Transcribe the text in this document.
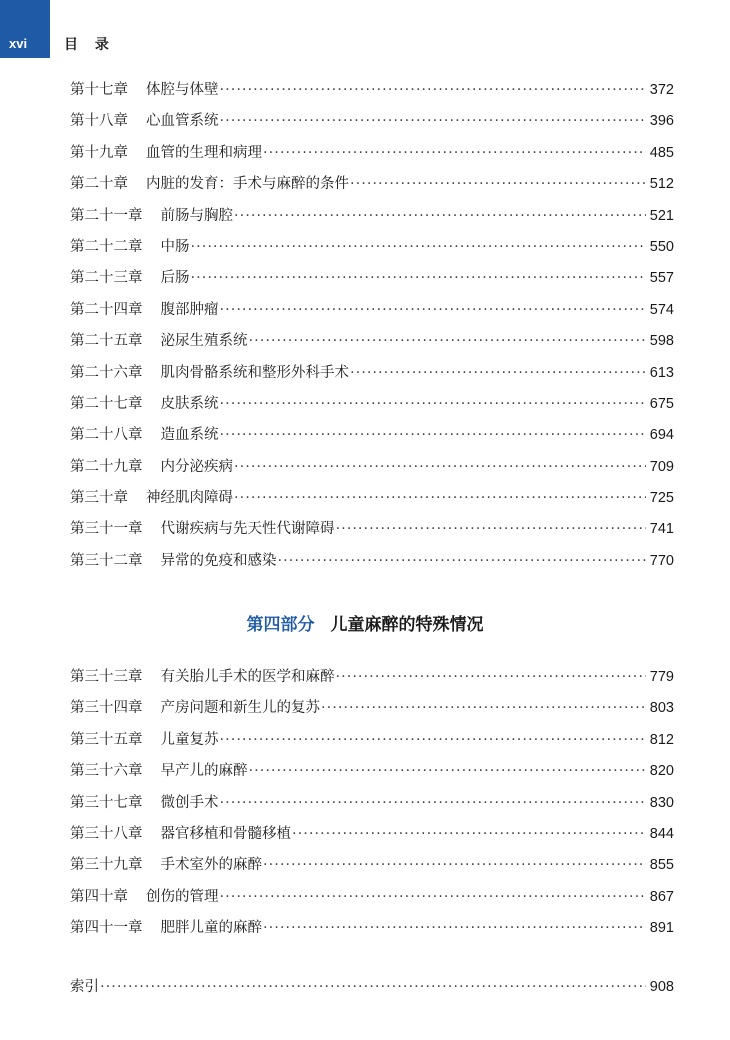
xvi	目 录
第十七章 体腔与体壁 ·····	372
第十八章 心血管系统 ·····	396
第十九章 血管的生理和病理 ·····	485
第二十章 内脏的发育：手术与麻醉的条件 ·····	512
第二十一章 前肠与胸腔 ·····	521
第二十二章 中肠 ·····	550
第二十三章 后肠 ·····	557
第二十四章 腹部肿瘤 ·····	574
第二十五章 泌尿生殖系统 ·····	598
第二十六章 肌肉骨骼系统和整形外科手术 ·····	613
第二十七章 皮肤系统 ·····	675
第二十八章 造血系统 ·····	694
第二十九章 内分泌疾病 ·····	709
第三十章 神经肌肉障碍 ·····	725
第三十一章 代谢疾病与先天性代谢障碍 ·····	741
第三十二章 异常的免疫和感染 ·····	770
第四部分 儿童麻醉的特殊情况
第三十三章 有关胎儿手术的医学和麻醉 ·····	779
第三十四章 产房问题和新生儿的复苏 ·····	803
第三十五章 儿童复苏 ·····	812
第三十六章 早产儿的麻醉 ·····	820
第三十七章 微创手术 ·····	830
第三十八章 器官移植和骨髓移植 ·····	844
第三十九章 手术室外的麻醉 ·····	855
第四十章 创伤的管理 ·····	867
第四十一章 肥胖儿童的麻醉 ·····	891
索引 ·····	908
